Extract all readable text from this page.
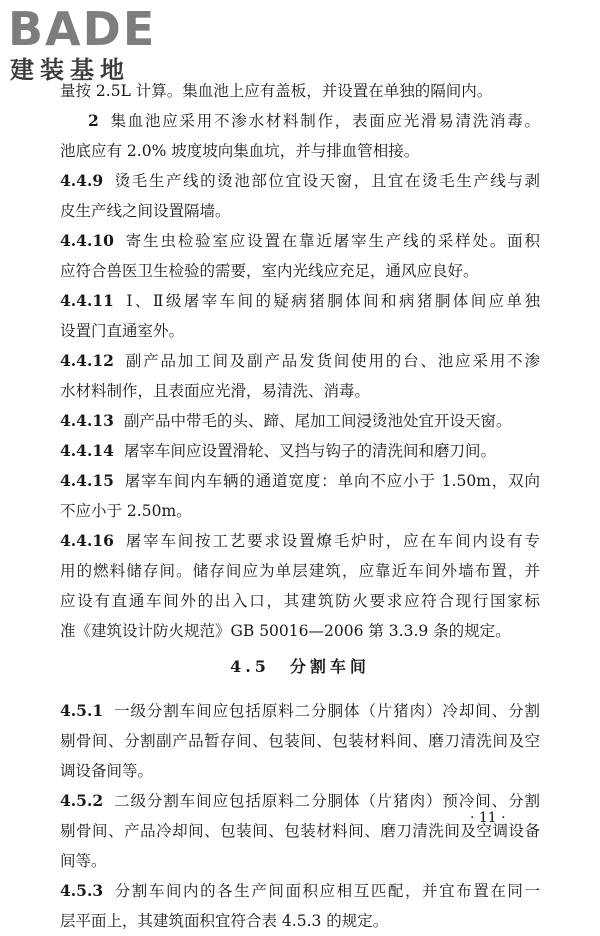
BADE
建装基地
量按 2.5L 计算。集血池上应有盖板，并设置在单独的隔间内。
2 集血池应采用不渗水材料制作，表面应光滑易清洗消毒。
池底应有 2.0% 坡度坡向集血坑，并与排血管相接。
4.4.9 烫毛生产线的烫池部位宜设天窗，且宜在烫毛生产线与剥
皮生产线之间设置隔墙。
4.4.10 寄生虫检验室应设置在靠近屠宰生产线的采样处。面积
应符合兽医卫生检验的需要，室内光线应充足，通风应良好。
4.4.11 Ⅰ、Ⅱ级屠宰车间的疑病猪胴体间和病猪胴体间应单独
设置门直通室外。
4.4.12 副产品加工间及副产品发货间使用的台、池应采用不渗
水材料制作，且表面应光滑，易清洗、消毒。
4.4.13 副产品中带毛的头、蹄、尾加工间浸烫池处宜开设天窗。
4.4.14 屠宰车间应设置滑轮、叉挡与钩子的清洗间和磨刀间。
4.4.15 屠宰车间内车辆的通道宽度：单向不应小于 1.50m，双向
不应小于 2.50m。
4.4.16 屠宰车间按工艺要求设置燎毛炉时，应在车间内设有专
用的燃料储存间。储存间应为单层建筑，应靠近车间外墙布置，并
应设有直通车间外的出入口，其建筑防火要求应符合现行国家标
准《建筑设计防火规范》GB 50016—2006 第 3.3.9 条的规定。
4.5　分割车间
4.5.1 一级分割车间应包括原料二分胴体（片猪肉）冷却间、分割
剔骨间、分割副产品暂存间、包装间、包装材料间、磨刀清洗间及空
调设备间等。
4.5.2 二级分割车间应包括原料二分胴体（片猪肉）预冷间、分割
剔骨间、产品冷却间、包装间、包装材料间、磨刀清洗间及空调设备
间等。
4.5.3 分割车间内的各生产间面积应相互匹配，并宜布置在同一
层平面上，其建筑面积宜符合表 4.5.3 的规定。
· 11 ·
